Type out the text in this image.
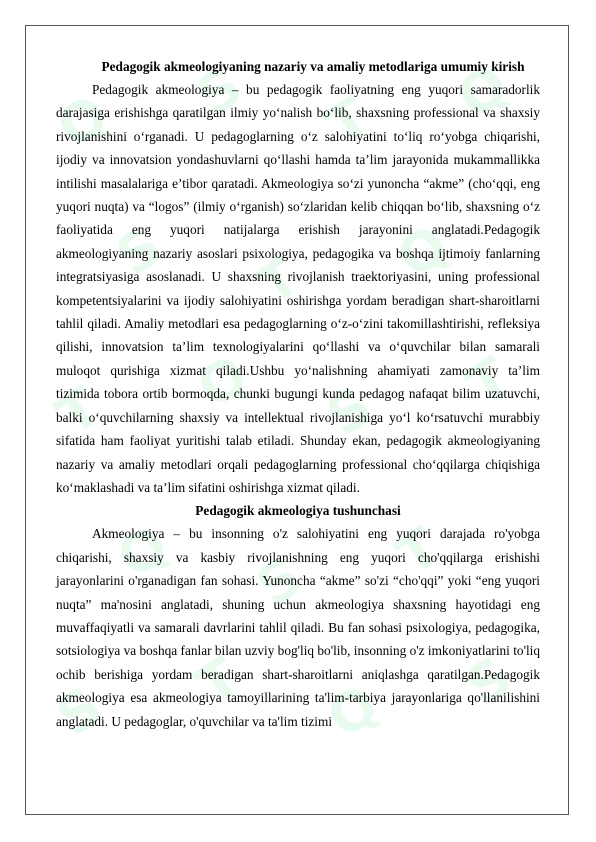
Q S T Q
S T Q
T Q S T
Q S T
S T Q S

Pedagogik akmeologiyaning nazariy va amaliy metodlariga umumiy kirish

Pedagogik akmeologiya – bu pedagogik faoliyatning eng yuqori samaradorlik darajasiga erishishga qaratilgan ilmiy yo‘nalish bo‘lib, shaxsning professional va shaxsiy rivojlanishini o‘rganadi. U pedagoglarning o‘z salohiyatini to‘liq ro‘yobga chiqarishi, ijodiy va innovatsion yondashuvlarni qo‘llashi hamda ta’lim jarayonida mukammallikka intilishi masalalariga e’tibor qaratadi. Akmeologiya so‘zi yunoncha “akme” (cho‘qqi, eng yuqori nuqta) va “logos” (ilmiy o‘rganish) so‘zlaridan kelib chiqqan bo‘lib, shaxsning o‘z faoliyatida eng yuqori natijalarga erishish jarayonini anglatadi.Pedagogik akmeologiyaning nazariy asoslari psixologiya, pedagogika va boshqa ijtimoiy fanlarning integratsiyasiga asoslanadi. U shaxsning rivojlanish traektoriyasini, uning professional kompetentsiyalarini va ijodiy salohiyatini oshirishga yordam beradigan shart-sharoitlarni tahlil qiladi. Amaliy metodlari esa pedagoglarning o‘z-o‘zini takomillashtirishi, refleksiya qilishi, innovatsion ta’lim texnologiyalarini qo‘llashi va o‘quvchilar bilan samarali muloqot qurishiga xizmat qiladi.Ushbu yo‘nalishning ahamiyati zamonaviy ta’lim tizimida tobora ortib bormoqda, chunki bugungi kunda pedagog nafaqat bilim uzatuvchi, balki o‘quvchilarning shaxsiy va intellektual rivojlanishiga yo‘l ko‘rsatuvchi murabbiy sifatida ham faoliyat yuritishi talab etiladi. Shunday ekan, pedagogik akmeologiyaning nazariy va amaliy metodlari orqali pedagoglarning professional cho‘qqilarga chiqishiga ko‘maklashadi va ta’lim sifatini oshirishga xizmat qiladi.

Pedagogik akmeologiya tushunchasi

Akmeologiya – bu insonning o'z salohiyatini eng yuqori darajada ro'yobga chiqarishi, shaxsiy va kasbiy rivojlanishning eng yuqori cho'qqilarga erishishi jarayonlarini o'rganadigan fan sohasi. Yunoncha “akme” so'zi “cho'qqi” yoki “eng yuqori nuqta” ma'nosini anglatadi, shuning uchun akmeologiya shaxsning hayotidagi eng muvaffaqiyatli va samarali davrlarini tahlil qiladi. Bu fan sohasi psixologiya, pedagogika, sotsiologiya va boshqa fanlar bilan uzviy bog'liq bo'lib, insonning o'z imkoniyatlarini to'liq ochib berishiga yordam beradigan shart-sharoitlarni aniqlashga qaratilgan.Pedagogik akmeologiya esa akmeologiya tamoyillarining ta'lim-tarbiya jarayonlariga qo'llanilishini anglatadi. U pedagoglar, o'quvchilar va ta'lim tizimi
